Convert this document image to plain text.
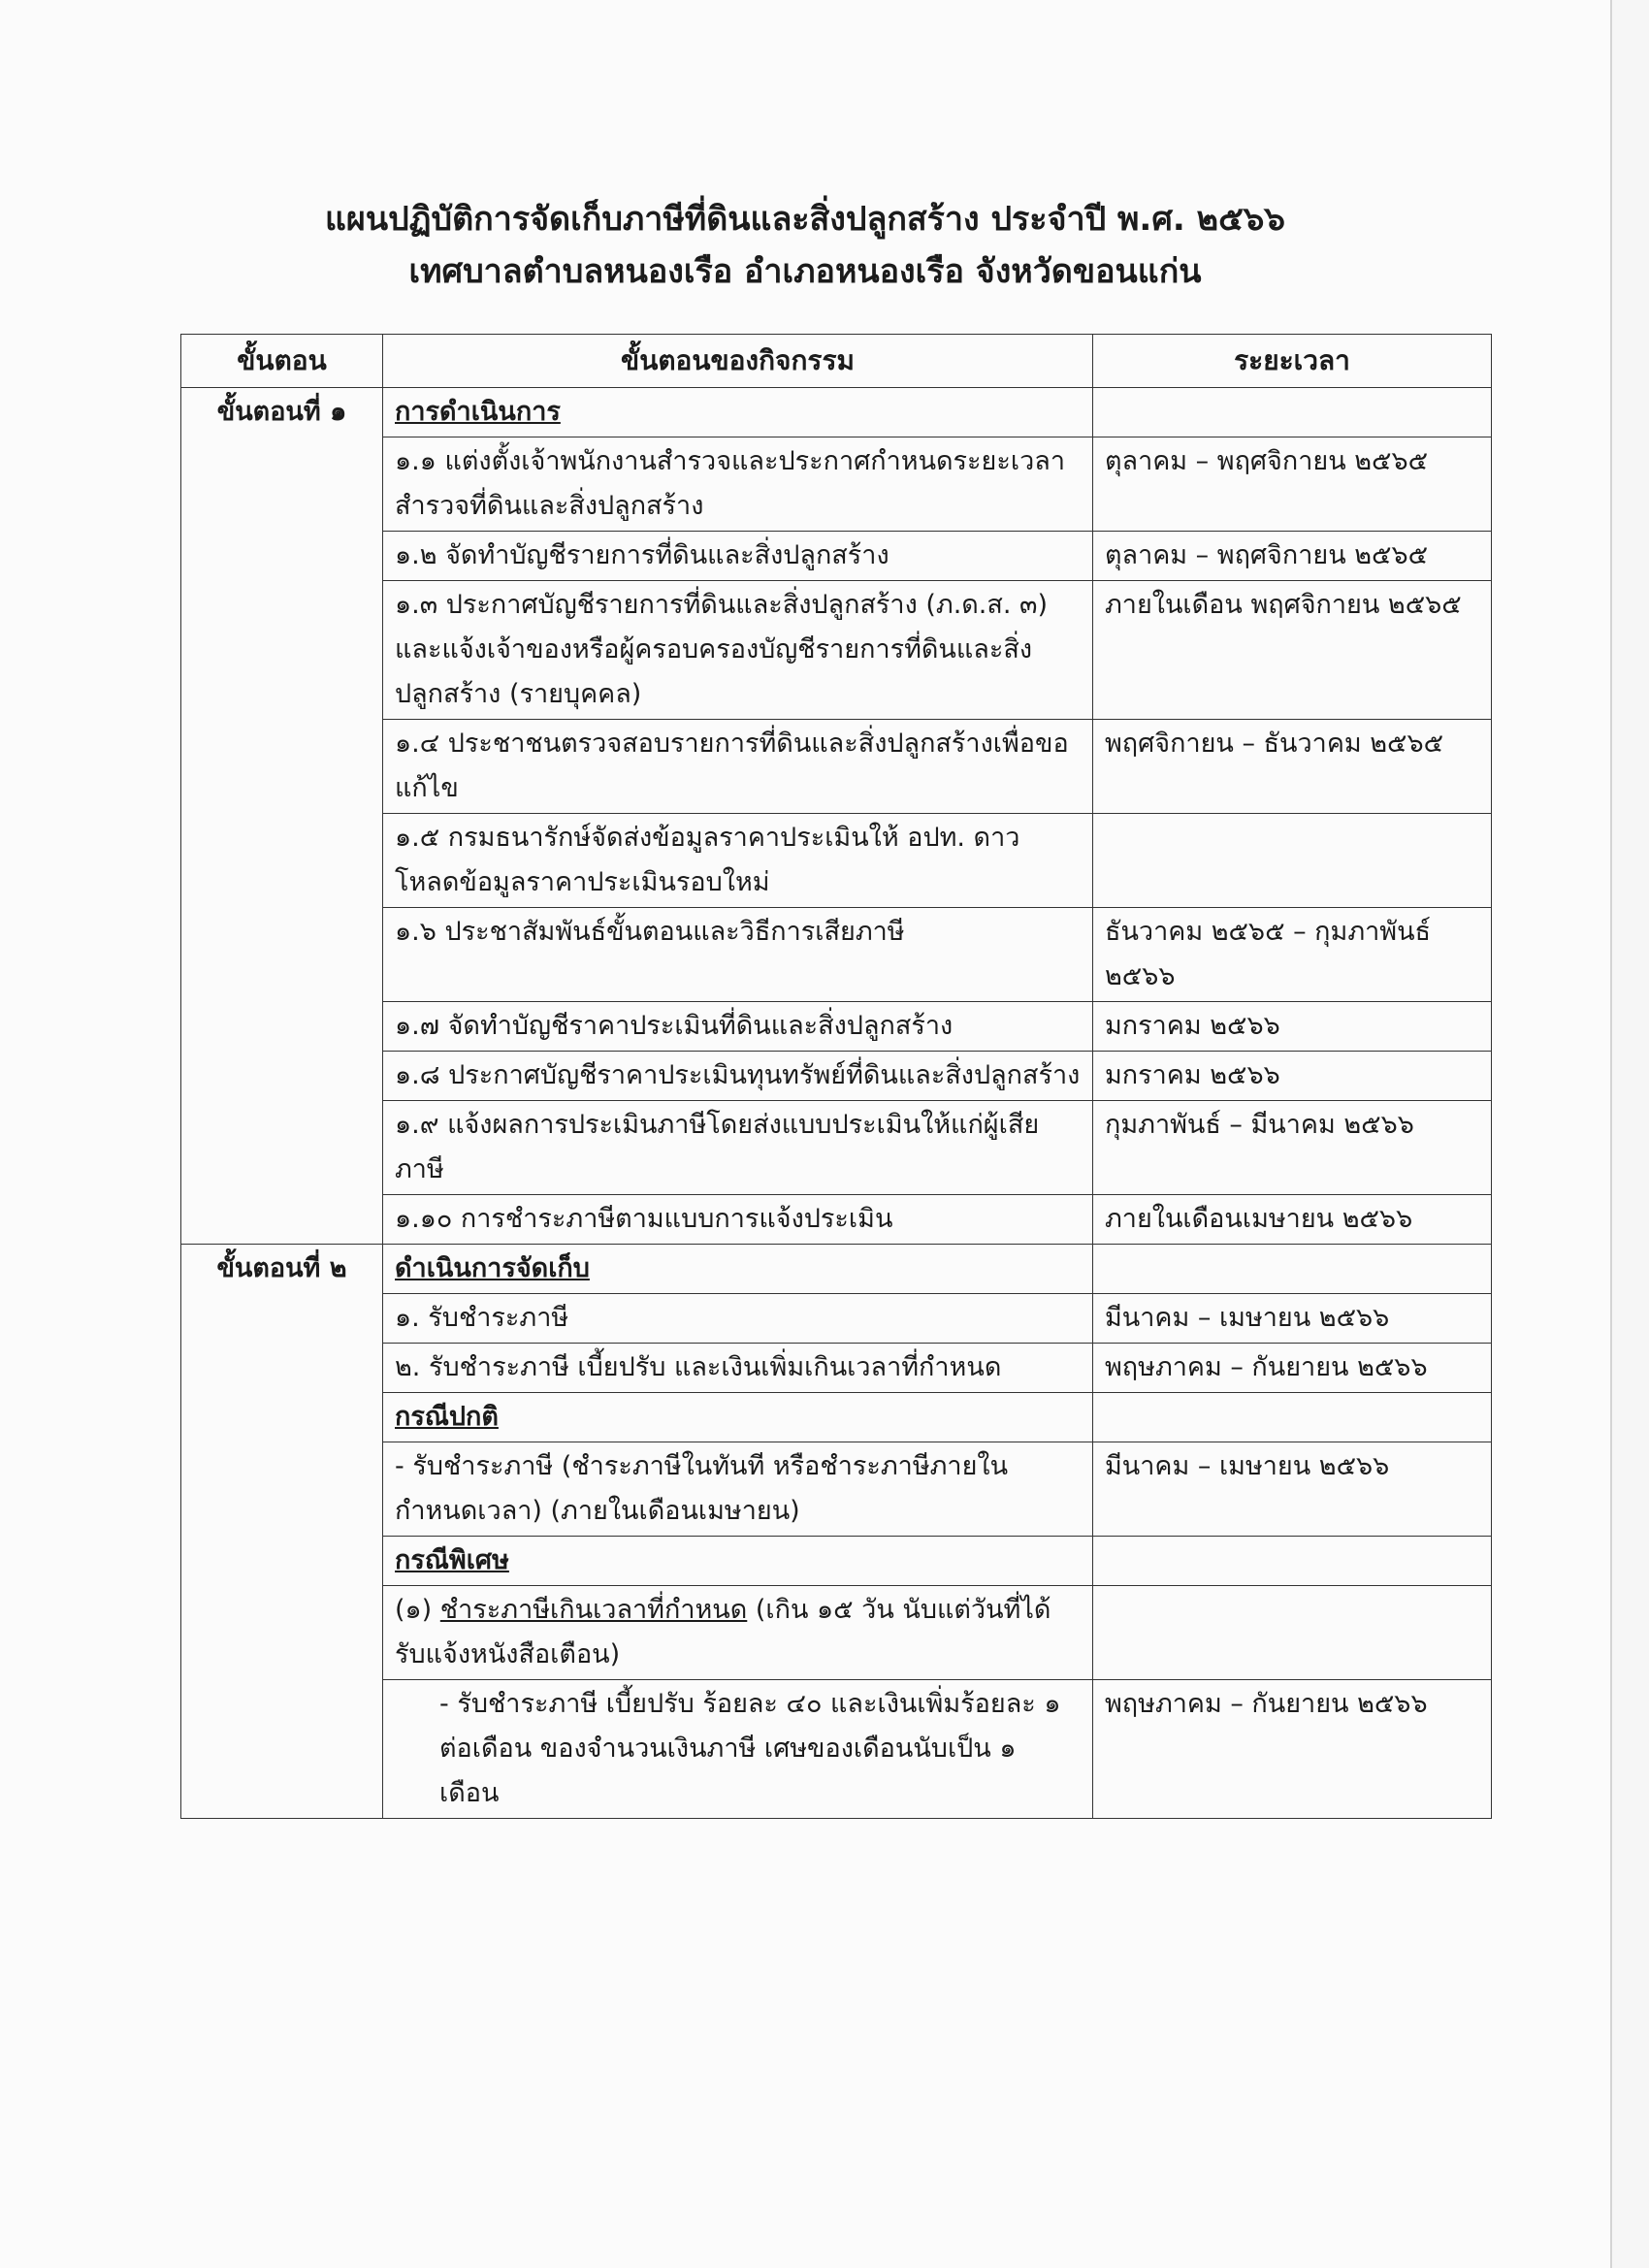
แผนปฏิบัติการจัดเก็บภาษีที่ดินและสิ่งปลูกสร้าง ประจำปี พ.ศ. ๒๕๖๖
เทศบาลตำบลหนองเรือ อำเภอหนองเรือ จังหวัดขอนแก่น
ขั้นตอน	ขั้นตอนของกิจกรรม	ระยะเวลา
ขั้นตอนที่ ๑	การดำเนินการ	
	๑.๑ แต่งตั้งเจ้าพนักงานสำรวจและประกาศกำหนดระยะเวลาสำรวจที่ดินและสิ่งปลูกสร้าง	ตุลาคม – พฤศจิกายน ๒๕๖๕
	๑.๒ จัดทำบัญชีรายการที่ดินและสิ่งปลูกสร้าง	ตุลาคม – พฤศจิกายน ๒๕๖๕
	๑.๓ ประกาศบัญชีรายการที่ดินและสิ่งปลูกสร้าง (ภ.ด.ส. ๓) และแจ้งเจ้าของหรือผู้ครอบครองบัญชีรายการที่ดินและสิ่งปลูกสร้าง (รายบุคคล)	ภายในเดือน พฤศจิกายน ๒๕๖๕
	๑.๔ ประชาชนตรวจสอบรายการที่ดินและสิ่งปลูกสร้างเพื่อขอแก้ไข	พฤศจิกายน – ธันวาคม ๒๕๖๕
	๑.๕ กรมธนารักษ์จัดส่งข้อมูลราคาประเมินให้ อปท. ดาวโหลดข้อมูลราคาประเมินรอบใหม่	
	๑.๖ ประชาสัมพันธ์ขั้นตอนและวิธีการเสียภาษี	ธันวาคม ๒๕๖๕ – กุมภาพันธ์ ๒๕๖๖
	๑.๗ จัดทำบัญชีราคาประเมินที่ดินและสิ่งปลูกสร้าง	มกราคม ๒๕๖๖
	๑.๘ ประกาศบัญชีราคาประเมินทุนทรัพย์ที่ดินและสิ่งปลูกสร้าง	มกราคม ๒๕๖๖
	๑.๙ แจ้งผลการประเมินภาษีโดยส่งแบบประเมินให้แก่ผู้เสียภาษี	กุมภาพันธ์ – มีนาคม ๒๕๖๖
	๑.๑๐ การชำระภาษีตามแบบการแจ้งประเมิน	ภายในเดือนเมษายน ๒๕๖๖
ขั้นตอนที่ ๒	ดำเนินการจัดเก็บ	
	๑. รับชำระภาษี	มีนาคม – เมษายน ๒๕๖๖
	๒. รับชำระภาษี เบี้ยปรับ และเงินเพิ่มเกินเวลาที่กำหนด	พฤษภาคม – กันยายน ๒๕๖๖
	กรณีปกติ	
	- รับชำระภาษี (ชำระภาษีในทันที หรือชำระภาษีภายในกำหนดเวลา) (ภายในเดือนเมษายน)	มีนาคม – เมษายน ๒๕๖๖
	กรณีพิเศษ	
	(๑) ชำระภาษีเกินเวลาที่กำหนด (เกิน ๑๕ วัน นับแต่วันที่ได้รับแจ้งหนังสือเตือน)	
	- รับชำระภาษี เบี้ยปรับ ร้อยละ ๔๐ และเงินเพิ่มร้อยละ ๑ ต่อเดือน ของจำนวนเงินภาษี เศษของเดือนนับเป็น ๑ เดือน	พฤษภาคม – กันยายน ๒๕๖๖
